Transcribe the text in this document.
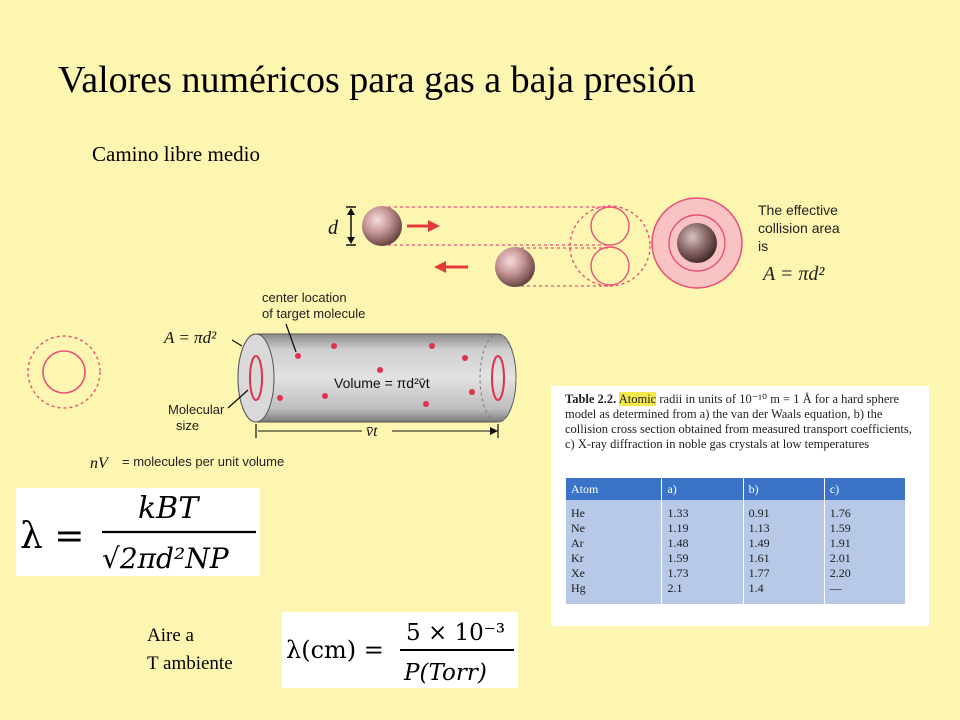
Valores numéricos para gas a baja presión
Camino libre medio
d
The effective
collision area
is
A = πd²
Volume = πd²v̄t
A = πd²
center location
of target molecule
Molecular
size	v̄t
nV = molecules per unit volume
λ =
kBT
√2πd²NP
Table 2.2. Atomic radii in units of 10⁻¹⁰ m = 1 Å for a hard sphere model as determined from a) the van der Waals equation, b) the collision cross section obtained from measured transport coefficients, c) X-ray diffraction in noble gas crystals at low temperatures
Atom	a)	b)	c)
He	1.33	0.91	1.76
Ne	1.19	1.13	1.59
Ar	1.48	1.49	1.91
Kr	1.59	1.61	2.01
Xe	1.73	1.77	2.20
Hg	2.1	1.4	—
Aire a
T ambiente λ(cm) =
5 × 10⁻³
P(Torr)
